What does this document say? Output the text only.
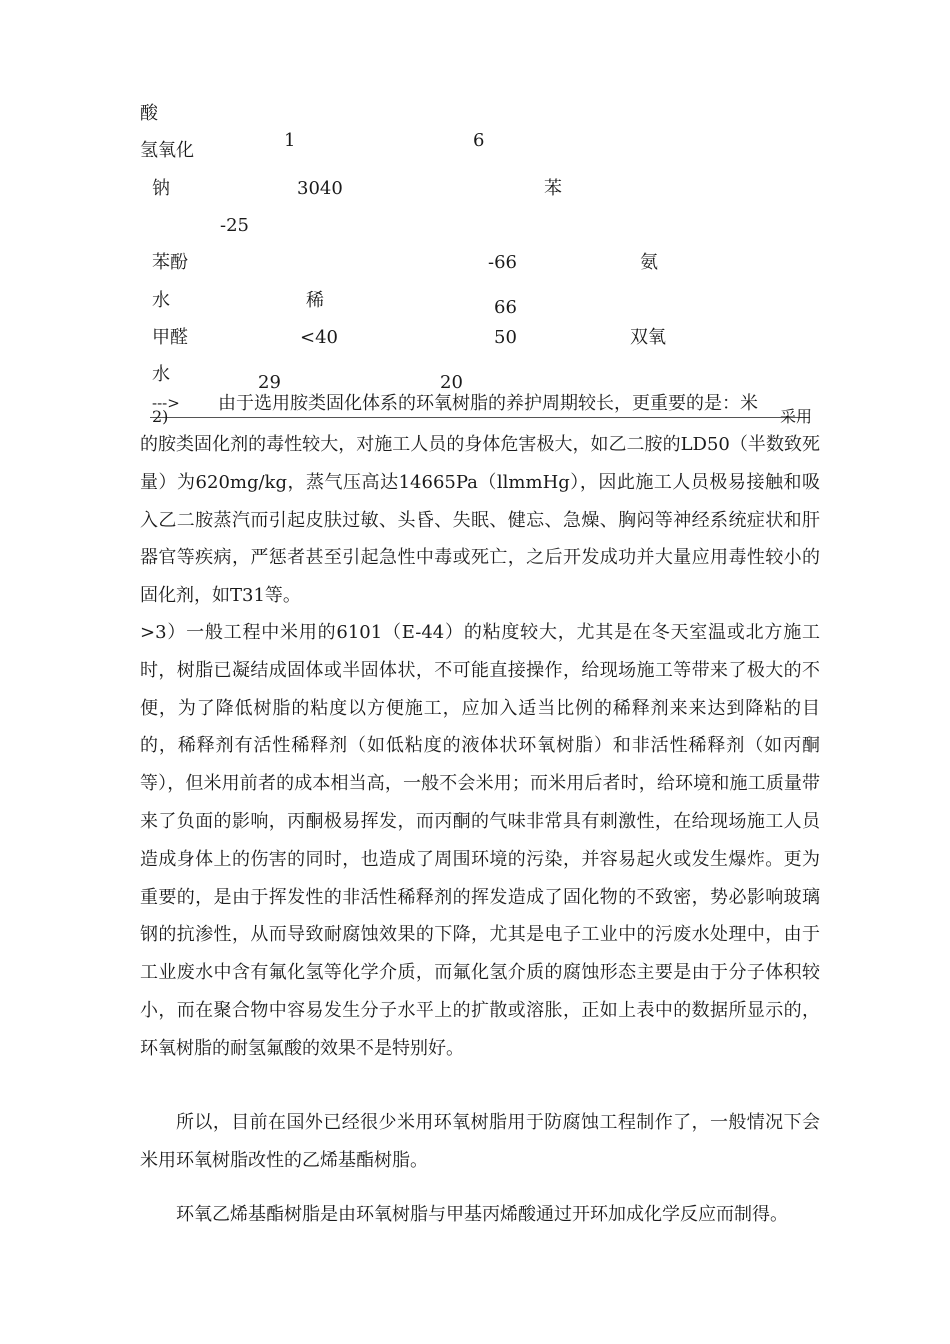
酸
氢氧化	1	6
钠	3040	苯
-25
苯酚	-66	氨
水	稀	66
甲醛	<40	50	双氧
水	29	20
---> 由于选用胺类固化体系的环氧树脂的养护周期较长，更重要的是：米
2)	采用

的胺类固化剂的毒性较大，对施工人员的身体危害极大，如乙二胺的LD50（半数致死量）为620mg/kg，蒸气压高达14665Pa（llmmHg），因此施工人员极易接触和吸入乙二胺蒸汽而引起皮肤过敏、头昏、失眠、健忘、急燥、胸闷等神经系统症状和肝器官等疾病，严惩者甚至引起急性中毒或死亡，之后开发成功并大量应用毒性较小的固化剂，如T31等。

>3）一般工程中米用的6101（E-44）的粘度较大，尤其是在冬天室温或北方施工时，树脂已凝结成固体或半固体状，不可能直接操作，给现场施工等带来了极大的不便，为了降低树脂的粘度以方便施工，应加入适当比例的稀释剂来来达到降粘的目的，稀释剂有活性稀释剂（如低粘度的液体状环氧树脂）和非活性稀释剂（如丙酮等），但米用前者的成本相当高，一般不会米用；而米用后者时，给环境和施工质量带来了负面的影响，丙酮极易挥发，而丙酮的气味非常具有刺激性，在给现场施工人员造成身体上的伤害的同时，也造成了周围环境的污染，并容易起火或发生爆炸。更为重要的，是由于挥发性的非活性稀释剂的挥发造成了固化物的不致密，势必影响玻璃钢的抗渗性，从而导致耐腐蚀效果的下降，尤其是电子工业中的污废水处理中，由于工业废水中含有氟化氢等化学介质，而氟化氢介质的腐蚀形态主要是由于分子体积较小，而在聚合物中容易发生分子水平上的扩散或溶胀，正如上表中的数据所显示的，环氧树脂的耐氢氟酸的效果不是特别好。

所以，目前在国外已经很少米用环氧树脂用于防腐蚀工程制作了，一般情况下会米用环氧树脂改性的乙烯基酯树脂。

环氧乙烯基酯树脂是由环氧树脂与甲基丙烯酸通过开环加成化学反应而制得。
